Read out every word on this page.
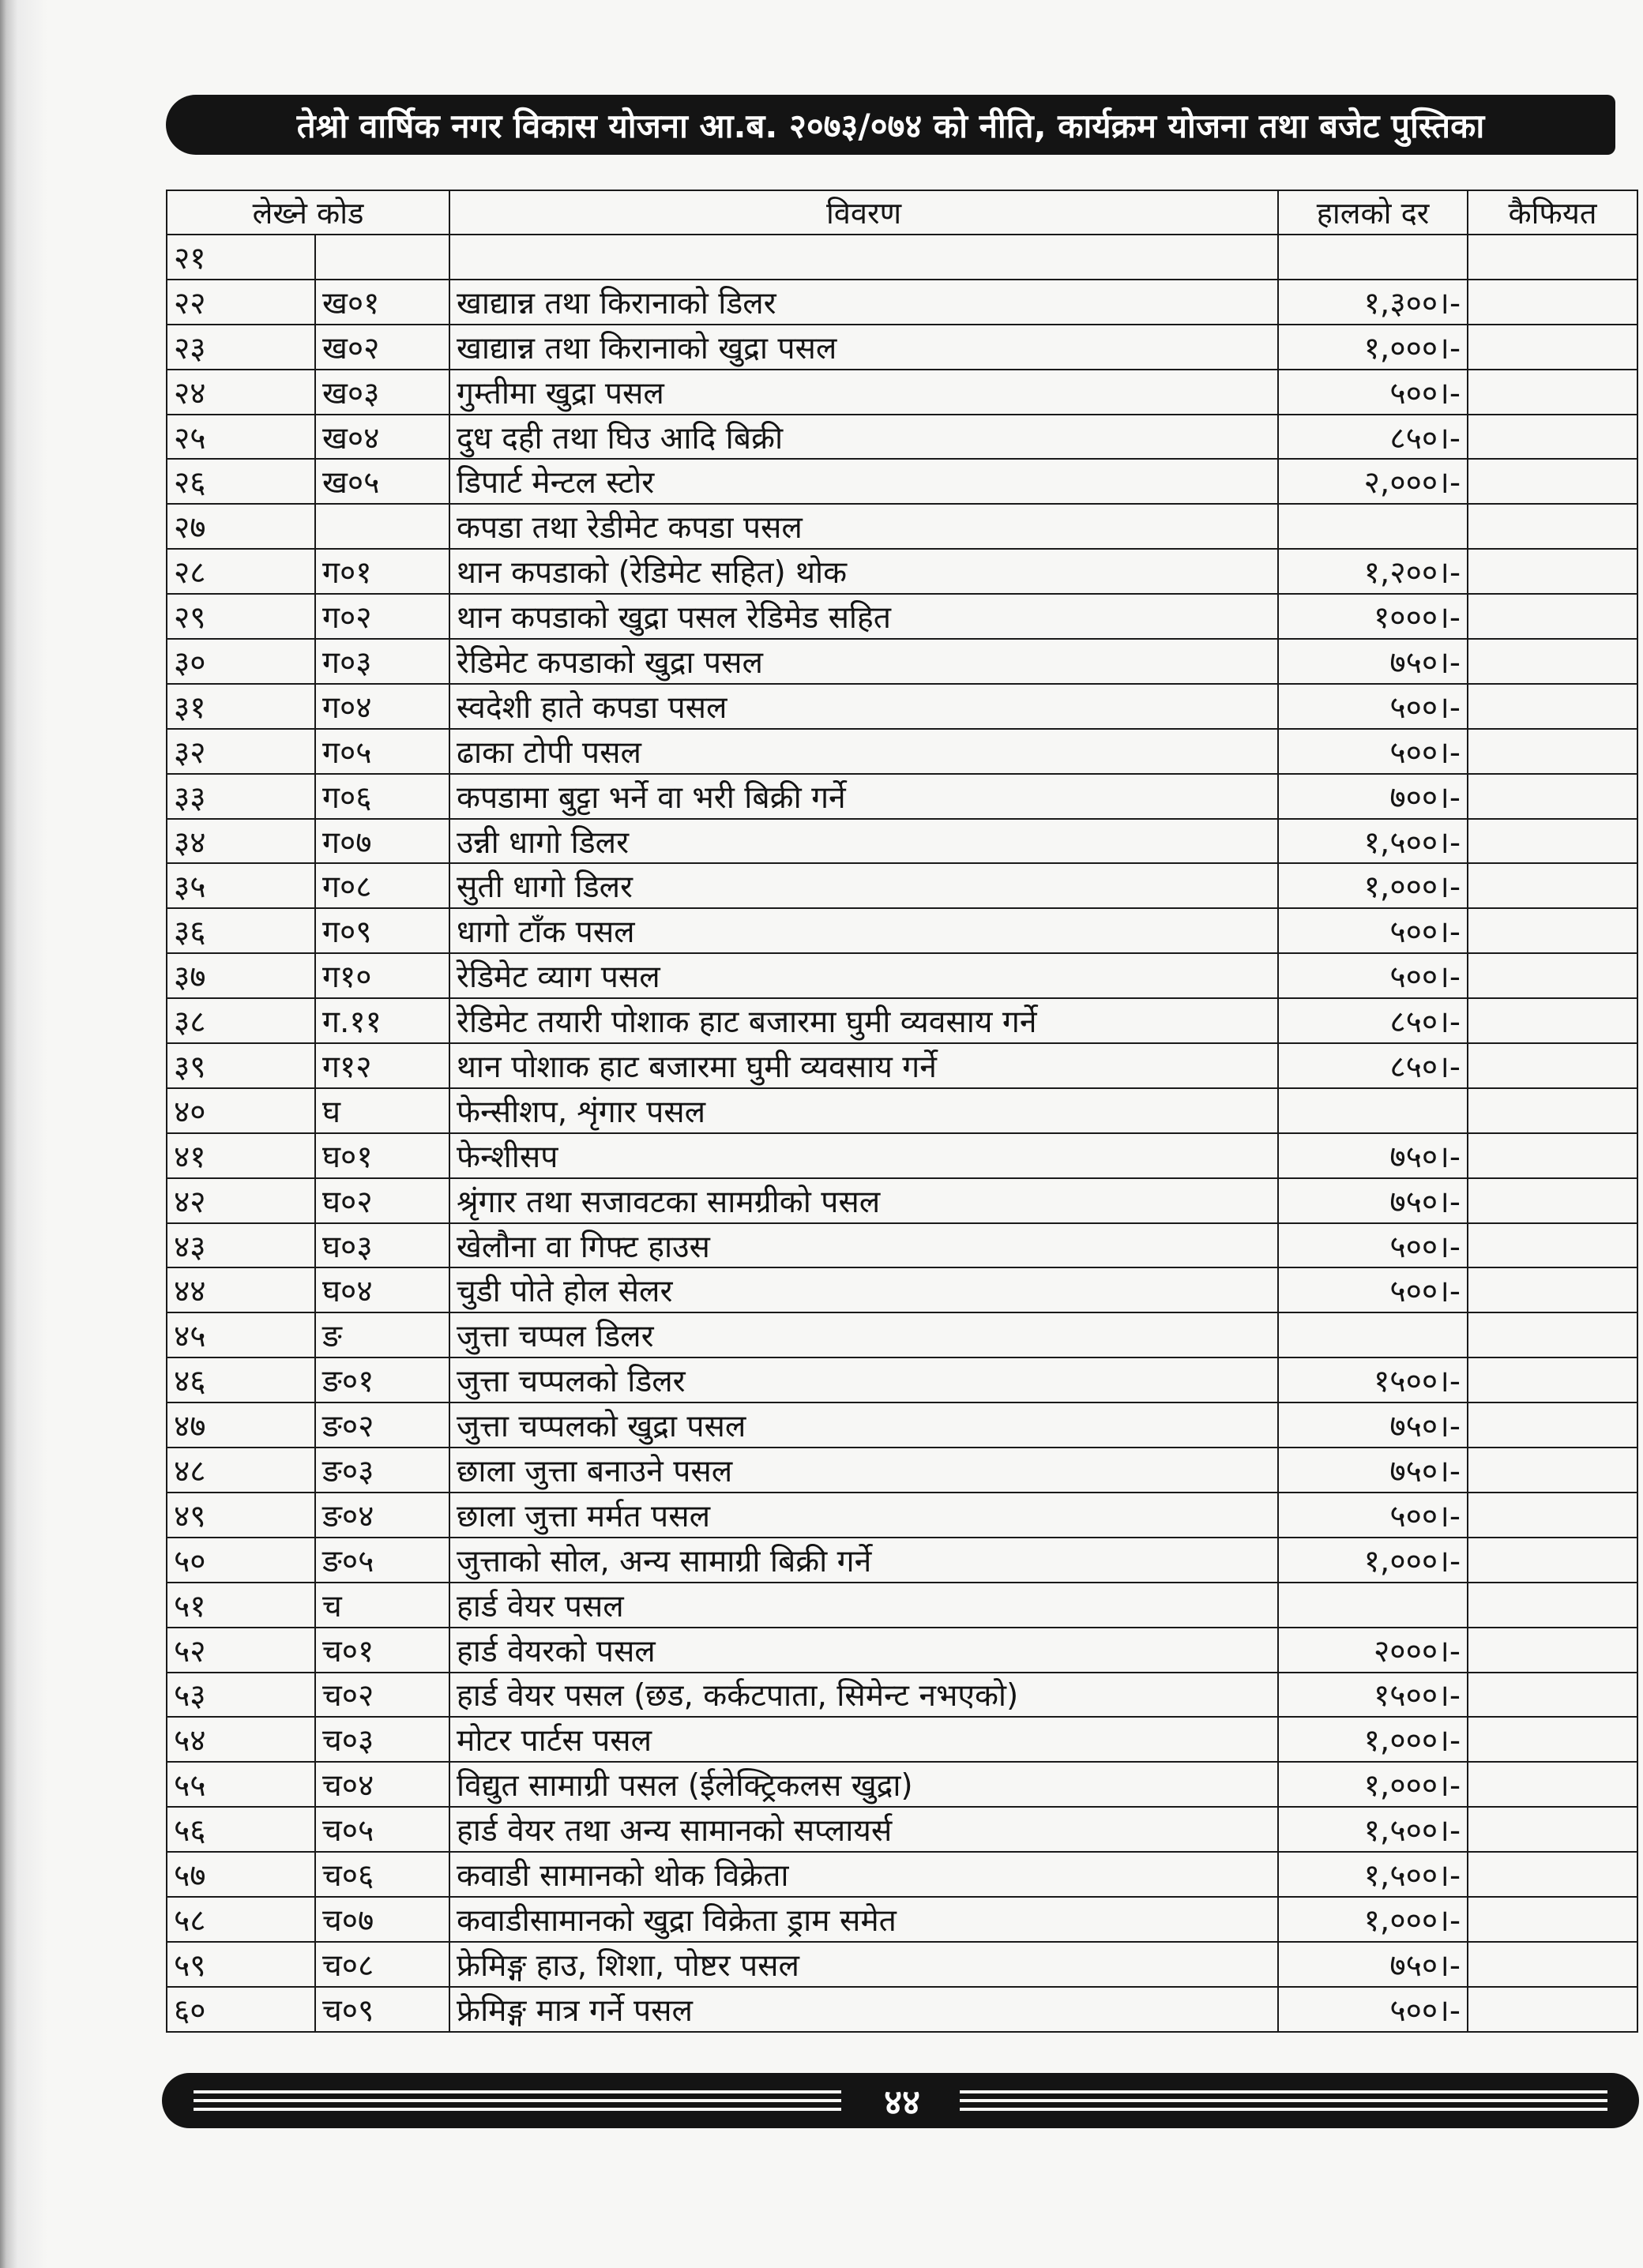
तेश्रो वार्षिक नगर विकास योजना आ.ब. २०७३/०७४ को नीति, कार्यक्रम योजना तथा बजेट पुस्तिका
लेख्ने कोड		विवरण	हालको दर	कैफियत
२१				
२२	ख०१	खाद्यान्न तथा किरानाको डिलर	१,३००।-	
२३	ख०२	खाद्यान्न तथा किरानाको खुद्रा पसल	१,०००।-	
२४	ख०३	गुम्तीमा खुद्रा पसल	५००।-	
२५	ख०४	दुध दही तथा घिउ आदि बिक्री	८५०।-	
२६	ख०५	डिपार्ट मेन्टल स्टोर	२,०००।-	
२७		कपडा तथा रेडीमेट कपडा पसल		
२८	ग०१	थान कपडाको (रेडिमेट सहित) थोक	१,२००।-	
२९	ग०२	थान कपडाको खुद्रा पसल रेडिमेड सहित	१०००।-	
३०	ग०३	रेडिमेट कपडाको खुद्रा पसल	७५०।-	
३१	ग०४	स्वदेशी हाते कपडा पसल	५००।-	
३२	ग०५	ढाका टोपी पसल	५००।-	
३३	ग०६	कपडामा बुट्टा भर्ने वा भरी बिक्री गर्ने	७००।-	
३४	ग०७	उन्नी धागो डिलर	१,५००।-	
३५	ग०८	सुती धागो डिलर	१,०००।-	
३६	ग०९	धागो टाँक पसल	५००।-	
३७	ग१०	रेडिमेट व्याग पसल	५००।-	
३८	ग.११	रेडिमेट तयारी पोशाक हाट बजारमा घुमी व्यवसाय गर्ने	८५०।-	
३९	ग१२	थान पोशाक हाट बजारमा घुमी व्यवसाय गर्ने	८५०।-	
४०	घ	फेन्सीशप, शृंगार पसल		
४१	घ०१	फेन्शीसप	७५०।-	
४२	घ०२	श्रृंगार तथा सजावटका सामग्रीको पसल	७५०।-	
४३	घ०३	खेलौना वा गिफ्ट हाउस	५००।-	
४४	घ०४	चुडी पोते होल सेलर	५००।-	
४५	ङ	जुत्ता चप्पल डिलर		
४६	ङ०१	जुत्ता चप्पलको डिलर	१५००।-	
४७	ङ०२	जुत्ता चप्पलको खुद्रा पसल	७५०।-	
४८	ङ०३	छाला जुत्ता बनाउने पसल	७५०।-	
४९	ङ०४	छाला जुत्ता मर्मत पसल	५००।-	
५०	ङ०५	जुत्ताको सोल, अन्य सामाग्री बिक्री गर्ने	१,०००।-	
५१	च	हार्ड वेयर पसल		
५२	च०१	हार्ड वेयरको पसल	२०००।-	
५३	च०२	हार्ड वेयर पसल (छड, कर्कटपाता, सिमेन्ट नभएको)	१५००।-	
५४	च०३	मोटर पार्टस पसल	१,०००।-	
५५	च०४	विद्युत सामाग्री पसल (ईलेक्ट्रिकलस खुद्रा)	१,०००।-	
५६	च०५	हार्ड वेयर तथा अन्य सामानको सप्लायर्स	१,५००।-	
५७	च०६	कवाडी सामानको थोक विक्रेता	१,५००।-	
५८	च०७	कवाडीसामानको खुद्रा विक्रेता ड्राम समेत	१,०००।-	
५९	च०८	फ्रेमिङ्ग हाउ, शिशा, पोष्टर पसल	७५०।-	
६०	च०९	फ्रेमिङ्ग मात्र गर्ने पसल	५००।-	
४४
